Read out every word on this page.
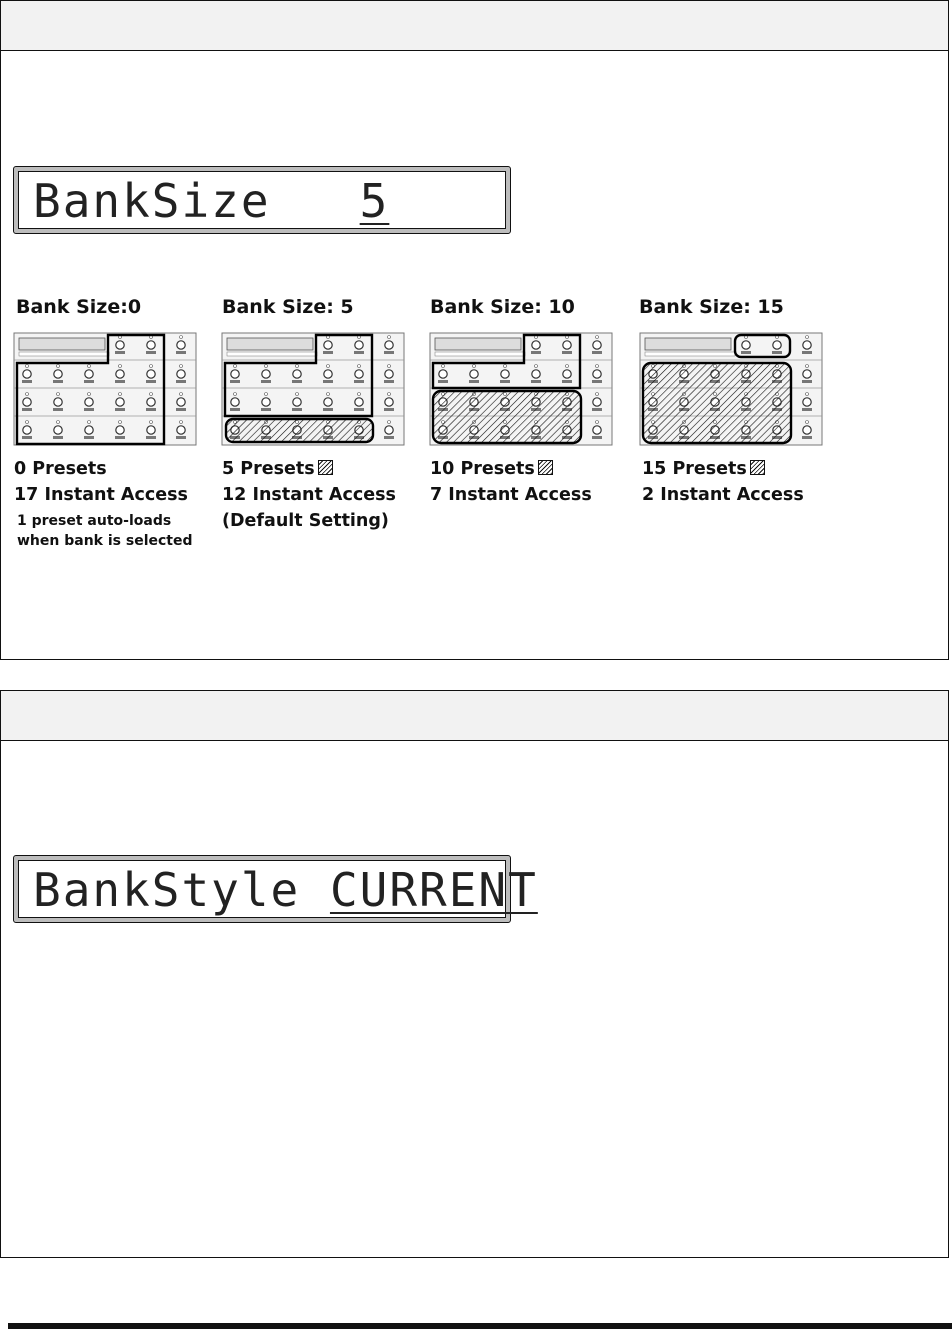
BankSize 5
Bank Size:0
0 Presets
17 Instant Access
1 preset auto-loads
when bank is selected
Bank Size: 5
5 Presets
12 Instant Access
(Default Setting)
Bank Size: 10
10 Presets
7 Instant Access
Bank Size: 15
15 Presets
2 Instant Access
BankStyle CURRENT
